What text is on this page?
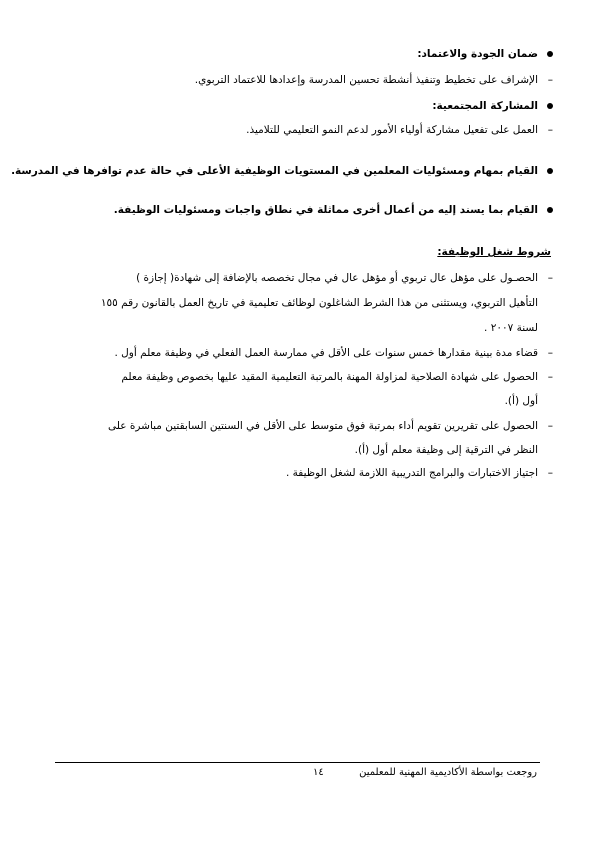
ضمان الجودة والاعتماد:
–
الإشراف على تخطيط وتنفيذ أنشطة تحسين المدرسة وإعدادها للاعتماد التربوي.
المشاركة المجتمعية:
–
العمل على تفعيل مشاركة أولياء الأمور لدعم النمو التعليمي للتلاميذ.
القيام بمهام ومسئوليات المعلمين في المستويات الوظيفية الأعلى في حالة عدم توافرها في المدرسة.
القيام بما يسند إليه من أعمال أخرى مماثلة في نطاق واجبات ومسئوليات الوظيفة.
شروط شغل الوظيفة:
–
الحصـول على مؤهل عال تربوي أو مؤهل عال في مجال تخصصه بالإضافة إلى شهادة( إجازة )
التأهيل التربوي، ويستثنى من هذا الشرط الشاغلون لوظائف تعليمية في تاريخ العمل بالقانون رقم ١٥٥
لسنة ٢٠٠٧ .
–
قضاء مدة بينية مقدارها خمس سنوات على الأقل في ممارسة العمل الفعلي في وظيفة معلم أول .
–
الحصول على شهادة الصلاحية لمزاولة المهنة بالمرتبة التعليمية المقيد عليها بخصوص وظيفة معلم
أول (أ).
–
الحصول على تقريرين تقويم أداء بمرتبة فوق متوسط على الأقل في السنتين السابقتين مباشرة على
النظر في الترقية إلى وظيفة معلم أول (أ).
–
اجتياز الاختبارات والبرامج التدريبية اللازمة لشغل الوظيفة .
روجعت بواسطة الأكاديمية المهنية للمعلمين
١٤
